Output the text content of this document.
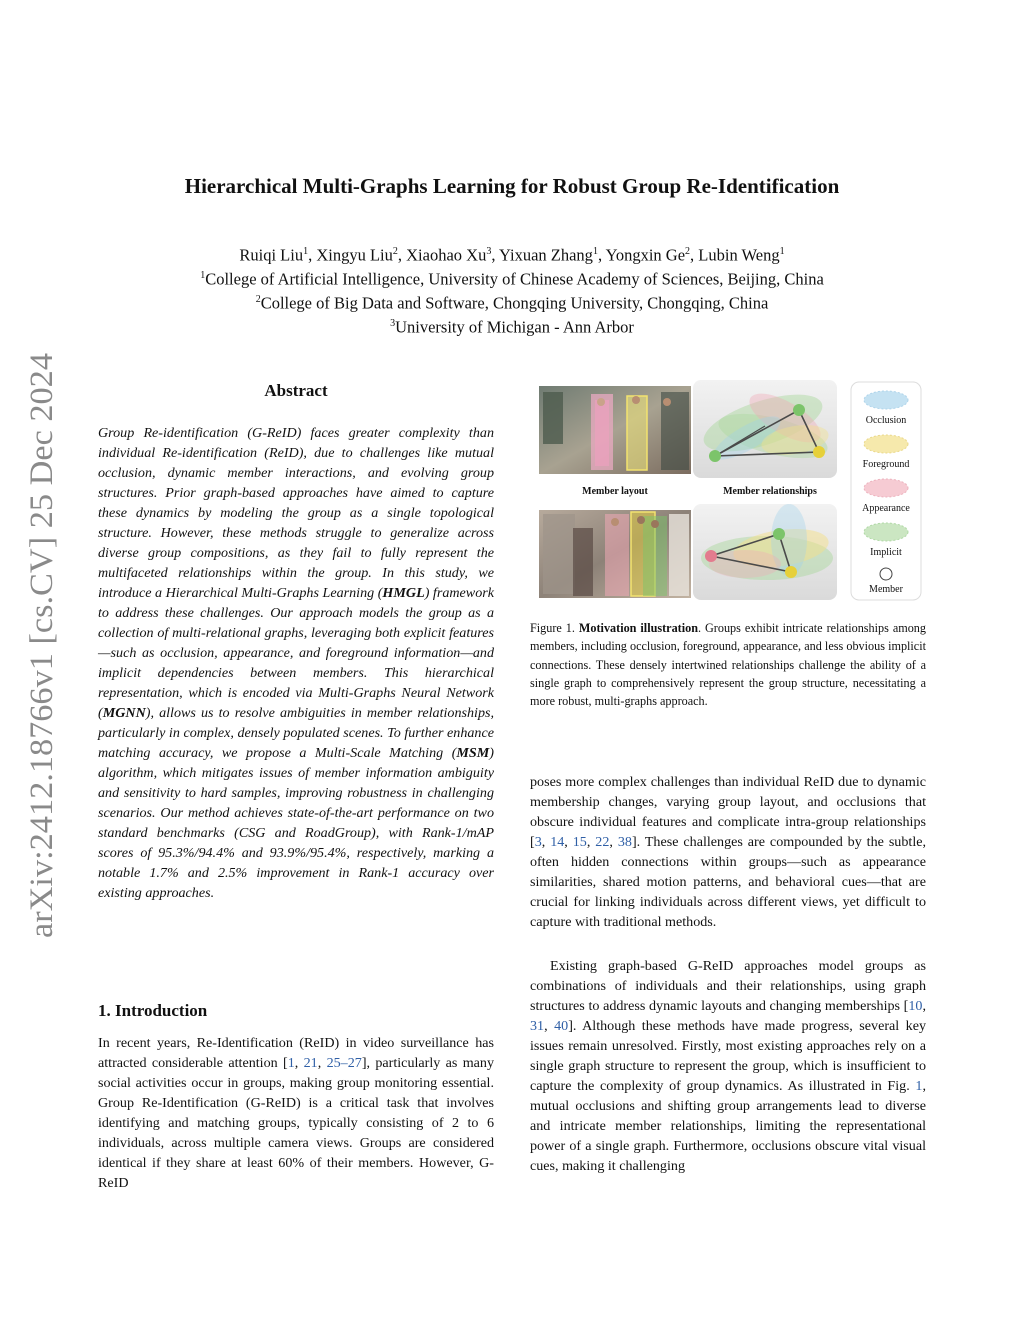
arXiv:2412.18766v1 [cs.CV] 25 Dec 2024
Hierarchical Multi-Graphs Learning for Robust Group Re-Identification

Ruiqi Liu$^1$, Xingyu Liu$^2$, Xiaohao Xu$^3$, Yixuan Zhang$^1$, Yongxin Ge$^2$, Lubin Weng$^1$

$^1$College of Artificial Intelligence, University of Chinese Academy of Sciences, Beijing, China

$^2$College of Big Data and Software, Chongqing University, Chongqing, China

$^3$University of Michigan - Ann Arbor

Abstract

Group Re-identification (G-ReID) faces greater complexity than individual Re-identification (ReID), due to challenges like mutual occlusion, dynamic member interactions, and evolving group structures. Prior graph-based approaches have aimed to capture these dynamics by modeling the group as a single topological structure. However, these methods struggle to generalize across diverse group compositions, as they fail to fully represent the multifaceted relationships within the group. In this study, we introduce a Hierarchical Multi-Graphs Learning (HMGL) framework to address these challenges. Our approach models the group as a collection of multi-relational graphs, leveraging both explicit features—such as occlusion, appearance, and foreground information—and implicit dependencies between members. This hierarchical representation, which is encoded via Multi-Graphs Neural Network (MGNN), allows us to resolve ambiguities in member relationships, particularly in complex, densely populated scenes. To further enhance matching accuracy, we propose a Multi-Scale Matching (MSM) algorithm, which mitigates issues of member information ambiguity and sensitivity to hard samples, improving robustness in challenging scenarios. Our method achieves state-of-the-art performance on two standard benchmarks (CSG and RoadGroup), with Rank-1/mAP scores of 95.3%/94.4% and 93.9%/95.4%, respectively, marking a notable 1.7% and 2.5% improvement in Rank-1 accuracy over existing approaches.

1. Introduction

In recent years, Re-Identification (ReID) in video surveillance has attracted considerable attention [1, 21, 25–27], particularly as many social activities occur in groups, making group monitoring essential. Group Re-Identification (G-ReID) is a critical task that involves identifying and matching groups, typically consisting of 2 to 6 individuals, across multiple camera views. Groups are considered identical if they share at least 60% of their members. However, G-ReID

Member layout	Member relationships
Occlusion
Foreground
Appearance
Implicit
Member

Figure 1. Motivation illustration. Groups exhibit intricate relationships among members, including occlusion, foreground, appearance, and less obvious implicit connections. These densely intertwined relationships challenge the ability of a single graph to comprehensively represent the group structure, necessitating a more robust, multi-graphs approach.

poses more complex challenges than individual ReID due to dynamic membership changes, varying group layout, and occlusions that obscure individual features and complicate intra-group relationships [3, 14, 15, 22, 38]. These challenges are compounded by the subtle, often hidden connections within groups—such as appearance similarities, shared motion patterns, and behavioral cues—that are crucial for linking individuals across different views, yet difficult to capture with traditional methods.

Existing graph-based G-ReID approaches model groups as combinations of individuals and their relationships, using graph structures to address dynamic layouts and changing memberships [10, 31, 40]. Although these methods have made progress, several key issues remain unresolved. Firstly, most existing approaches rely on a single graph structure to represent the group, which is insufficient to capture the complexity of group dynamics. As illustrated in Fig. 1, mutual occlusions and shifting group arrangements lead to diverse and intricate member relationships, limiting the representational power of a single graph. Furthermore, occlusions obscure vital visual cues, making it challenging
